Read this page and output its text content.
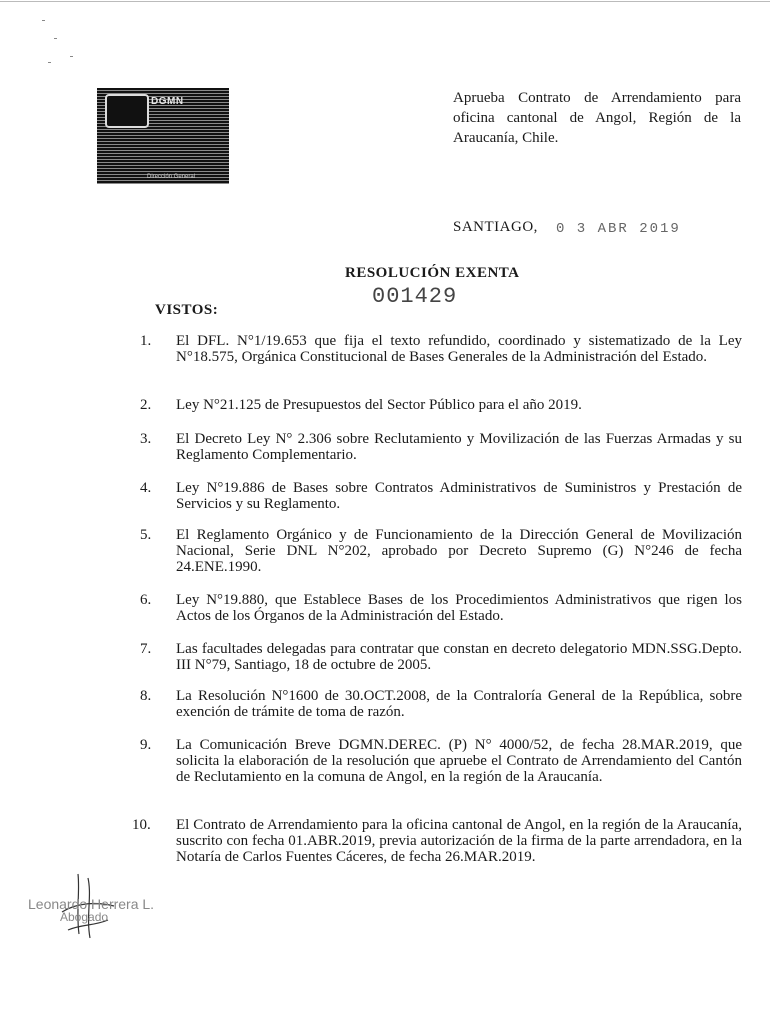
DGMN
Dirección General
Aprueba Contrato de Arrendamiento para oficina cantonal de Angol, Región de la Araucanía, Chile.
SANTIAGO, 0 3 ABR 2019
RESOLUCIÓN EXENTA
001429
VISTOS:
1.	El DFL. N°1/19.653 que fija el texto refundido, coordinado y sistematizado de la Ley N°18.575, Orgánica Constitucional de Bases Generales de la Administración del Estado.

2.	Ley N°21.125 de Presupuestos del Sector Público para el año 2019.

3.	El Decreto Ley N° 2.306 sobre Reclutamiento y Movilización de las Fuerzas Armadas y su Reglamento Complementario.

4.	Ley N°19.886 de Bases sobre Contratos Administrativos de Suministros y Prestación de Servicios y su Reglamento.

5.	El Reglamento Orgánico y de Funcionamiento de la Dirección General de Movilización Nacional, Serie DNL N°202, aprobado por Decreto Supremo (G) N°246 de fecha 24.ENE.1990.

6.	Ley N°19.880, que Establece Bases de los Procedimientos Administrativos que rigen los Actos de los Órganos de la Administración del Estado.

7.	Las facultades delegadas para contratar que constan en decreto delegatorio MDN.SSG.Depto. III N°79, Santiago, 18 de octubre de 2005.

8.	La Resolución N°1600 de 30.OCT.2008, de la Contraloría General de la República, sobre exención de trámite de toma de razón.

9.	La Comunicación Breve DGMN.DEREC. (P) N° 4000/52, de fecha 28.MAR.2019, que solicita la elaboración de la resolución que apruebe el Contrato de Arrendamiento del Cantón de Reclutamiento en la comuna de Angol, en la región de la Araucanía.

10.	El Contrato de Arrendamiento para la oficina cantonal de Angol, en la región de la Araucanía, suscrito con fecha 01.ABR.2019, previa autorización de la firma de la parte arrendadora, en la Notaría de Carlos Fuentes Cáceres, de fecha 26.MAR.2019.

Leonardo Herrera L.
Abogado
